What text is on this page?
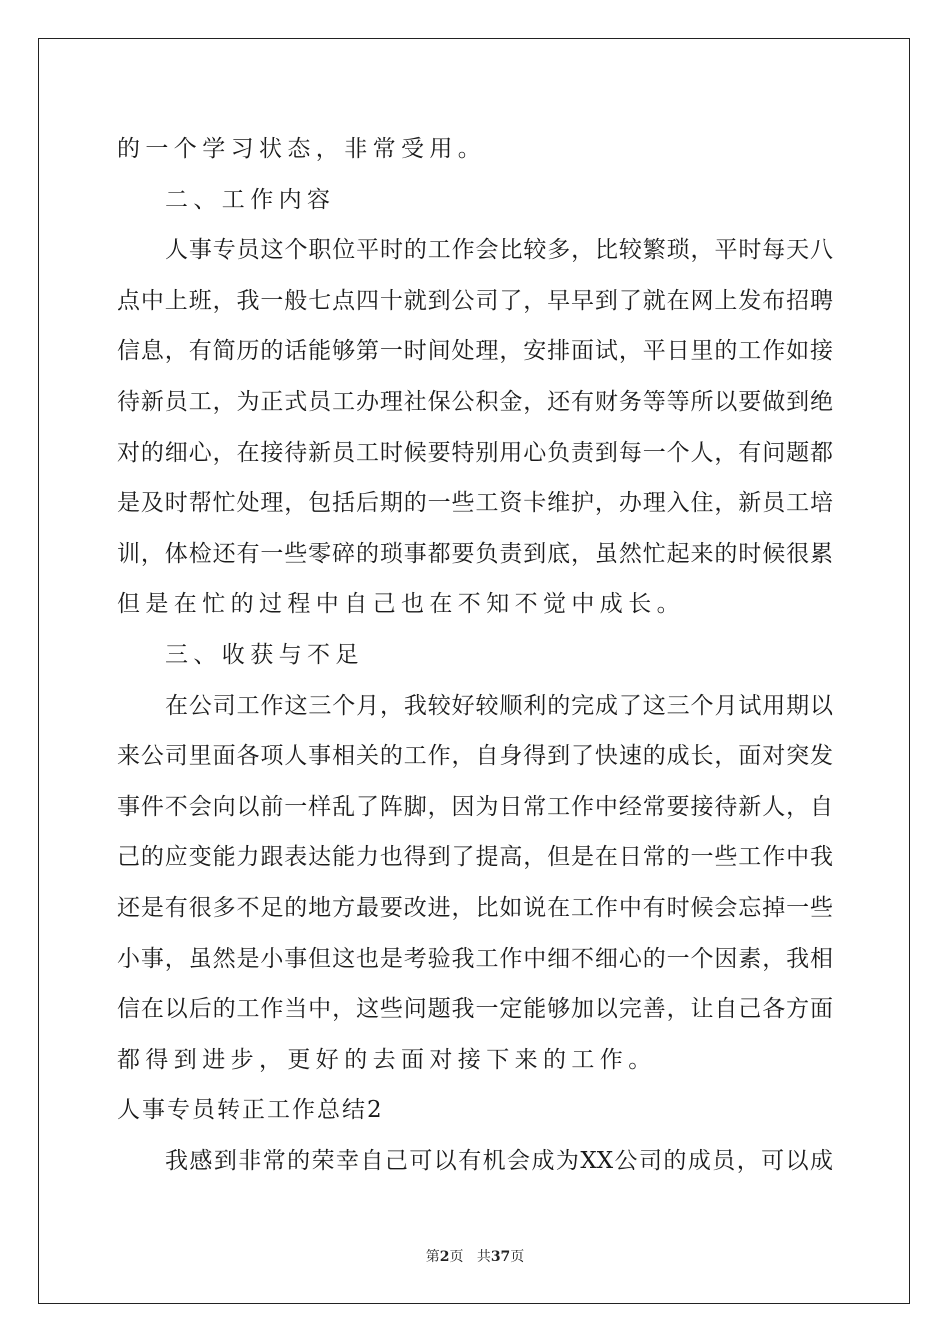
的一个学习状态，非常受用。
二、工作内容
人事专员这个职位平时的工作会比较多，比较繁琐，平时每天八
点中上班，我一般七点四十就到公司了，早早到了就在网上发布招聘
信息，有简历的话能够第一时间处理，安排面试，平日里的工作如接
待新员工，为正式员工办理社保公积金，还有财务等等所以要做到绝
对的细心，在接待新员工时候要特别用心负责到每一个人，有问题都
是及时帮忙处理，包括后期的一些工资卡维护，办理入住，新员工培
训，体检还有一些零碎的琐事都要负责到底，虽然忙起来的时候很累
但是在忙的过程中自己也在不知不觉中成长。
三、收获与不足
在公司工作这三个月，我较好较顺利的完成了这三个月试用期以
来公司里面各项人事相关的工作，自身得到了快速的成长，面对突发
事件不会向以前一样乱了阵脚，因为日常工作中经常要接待新人，自
己的应变能力跟表达能力也得到了提高，但是在日常的一些工作中我
还是有很多不足的地方最要改进，比如说在工作中有时候会忘掉一些
小事，虽然是小事但这也是考验我工作中细不细心的一个因素，我相
信在以后的工作当中，这些问题我一定能够加以完善，让自己各方面
都得到进步，更好的去面对接下来的工作。
人事专员转正工作总结2
我感到非常的荣幸自己可以有机会成为XX公司的成员，可以成
第2页 共37页
